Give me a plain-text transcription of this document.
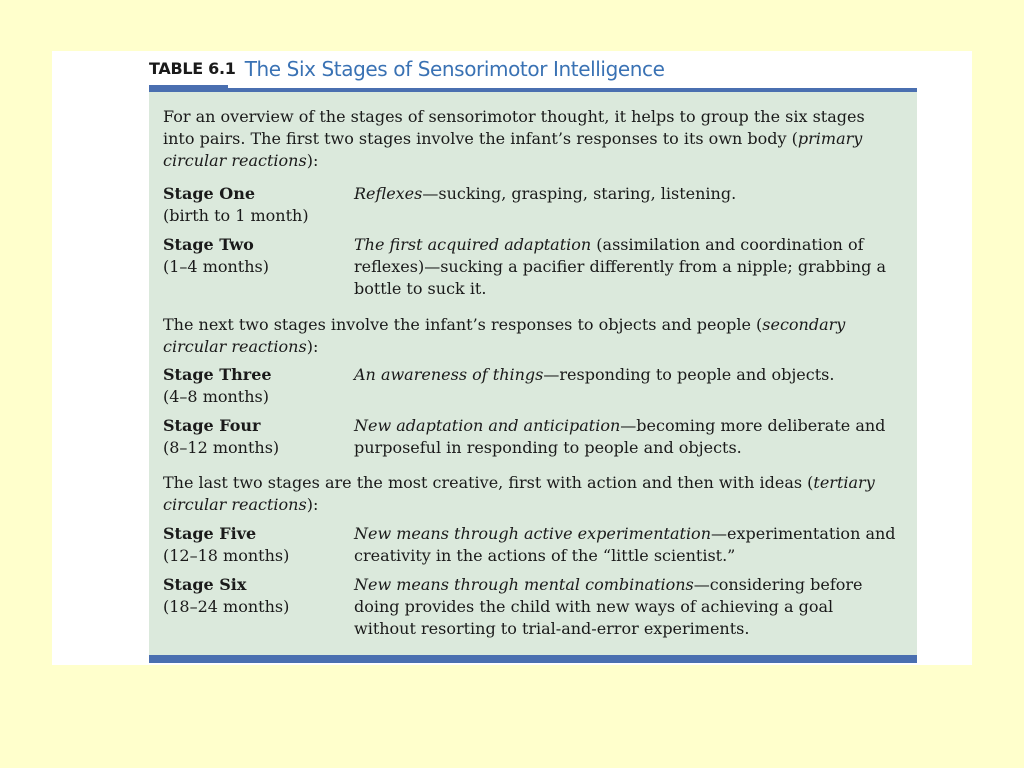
TABLE 6.1 The Six Stages of Sensorimotor Intelligence

For an overview of the stages of sensorimotor thought, it helps to group the six stages into pairs. The first two stages involve the infant’s responses to its own body (primary circular reactions):

Stage One
(birth to 1 month)
Reflexes—sucking, grasping, staring, listening.
Stage Two
(1–4 months)
The first acquired adaptation (assimilation and coordination of reflexes)—sucking a pacifier differently from a nipple; grabbing a bottle to suck it.

The next two stages involve the infant’s responses to objects and people (secondary circular reactions):

Stage Three
(4–8 months)
An awareness of things—responding to people and objects.
Stage Four
(8–12 months)
New adaptation and anticipation—becoming more deliberate and purposeful in responding to people and objects.

The last two stages are the most creative, first with action and then with ideas (tertiary circular reactions):

Stage Five
(12–18 months)
New means through active experimentation—experimentation and creativity in the actions of the “little scientist.”
Stage Six
(18–24 months)
New means through mental combinations—considering before doing provides the child with new ways of achieving a goal without resorting to trial-and-error experiments.
